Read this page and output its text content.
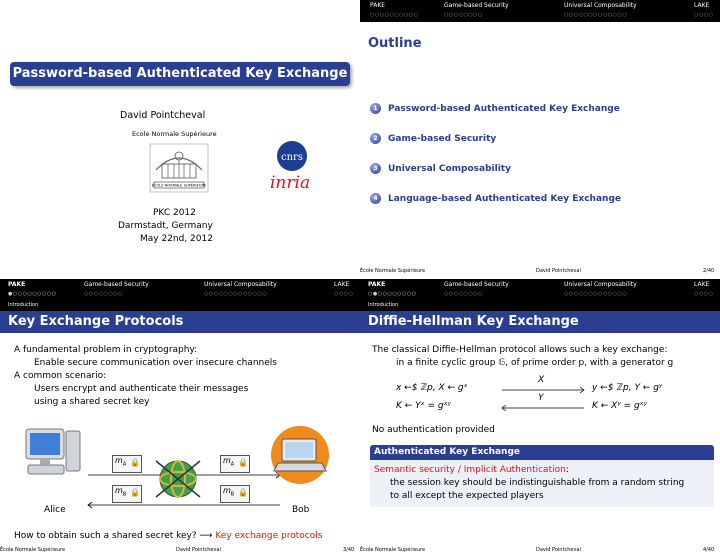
Password-based Authenticated Key Exchange
David Pointcheval
Ecole Normale Supérieure
ÉCOLE NORMALE SUPÉRIEURE
cnrs
inria
PKC 2012
Darmstadt, Germany
May 22nd, 2012
PAKE	Game-based Security	Universal Composability	LAKE
○○○○○○○○○○	○○○○○○○○	○○○○○○○○○○○○○	○○○○
Outline
1 Password-based Authenticated Key Exchange
2 Game-based Security
3 Universal Composability
4 Language-based Authenticated Key Exchange
École Normale Supérieure	David Pointcheval	2/40
PAKE	Game-based Security	Universal Composability	LAKE
●○○○○○○○○○	○○○○○○○○	○○○○○○○○○○○○○	○○○○
Introduction
Key Exchange Protocols
A fundamental problem in cryptography:
Enable secure communication over insecure channels
A common scenario:
Users encrypt and authenticate their messages
using a shared secret key
$m_A$ 🔒	$m_A$ 🔒
$m_B$ 🔒	$m_B$ 🔒
Alice	Bob
How to obtain such a shared secret key? ⟶ Key exchange protocols
École Normale Supérieure	David Pointcheval	3/40
PAKE	Game-based Security	Universal Composability	LAKE
○●○○○○○○○○	○○○○○○○○	○○○○○○○○○○○○○	○○○○
Introduction
Diffie-Hellman Key Exchange
The classical Diffie-Hellman protocol allows such a key exchange:
in a finite cyclic group 𝔾, of prime order p, with a generator g
x ←$ ℤp, X ← gˣ
X
y ←$ ℤp, Y ← gʸ
K ← Yˣ = gˣʸ
Y
K ← Xʸ = gˣʸ
No authentication provided
Authenticated Key Exchange
Semantic security / Implicit Authentication:
the session key should be indistinguishable from a random string
to all except the expected players
École Normale Supérieure	David Pointcheval	4/40
